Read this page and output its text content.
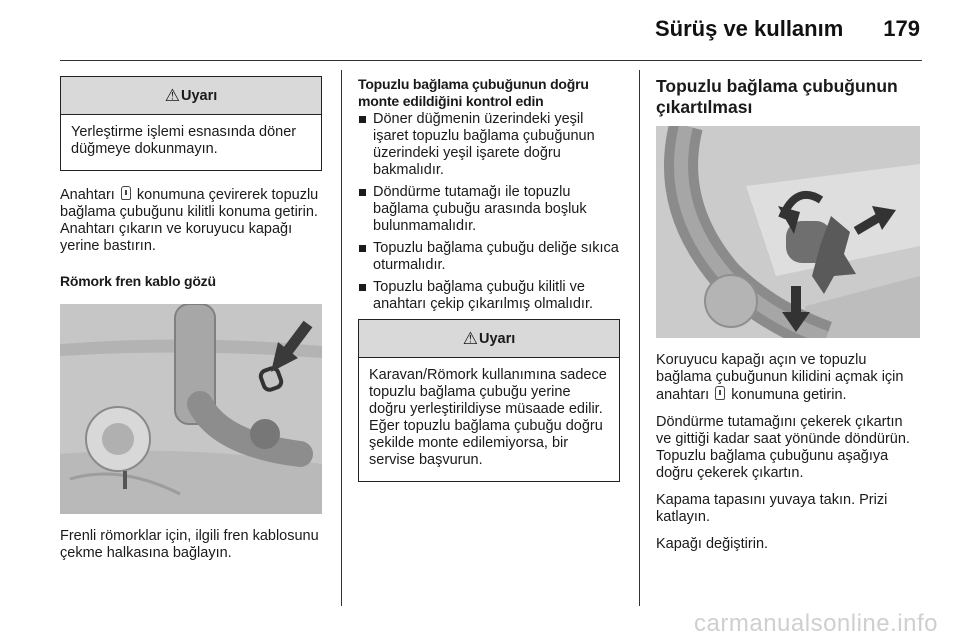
Sürüş ve kullanım 179
⚠ Uyarı
Yerleştirme işlemi esnasında döner düğmeye dokunmayın.

Anahtarı konumuna çevirerek topuzlu bağlama çubuğunu kilitli konuma getirin. Anahtarı çıkarın ve koruyucu kapağı yerine bastırın.

Römork fren kablo gözü

Frenli römorklar için, ilgili fren kablosunu çekme halkasına bağlayın.

Topuzlu bağlama çubuğunun doğru monte edildiğini kontrol edin

Döner düğmenin üzerindeki yeşil işaret topuzlu bağlama çubuğunun üzerindeki yeşil işarete doğru bakmalıdır.
Döndürme tutamağı ile topuzlu bağlama çubuğu arasında boşluk bulunmamalıdır.
Topuzlu bağlama çubuğu deliğe sıkıca oturmalıdır.
Topuzlu bağlama çubuğu kilitli ve anahtarı çekip çıkarılmış olmalıdır.
⚠ Uyarı
Karavan/Römork kullanımına sadece topuzlu bağlama çubuğu yerine doğru yerleştirildiyse müsaade edilir. Eğer topuzlu bağlama çubuğu doğru şekilde monte edilemiyorsa, bir servise başvurun.

Topuzlu bağlama çubuğunun çıkartılması

Koruyucu kapağı açın ve topuzlu bağlama çubuğunun kilidini açmak için anahtarı konumuna getirin.

Döndürme tutamağını çekerek çıkartın ve gittiği kadar saat yönünde döndürün. Topuzlu bağlama çubuğunu aşağıya doğru çekerek çıkartın.

Kapama tapasını yuvaya takın. Prizi katlayın.

Kapağı değiştirin.

carmanualsonline.info
